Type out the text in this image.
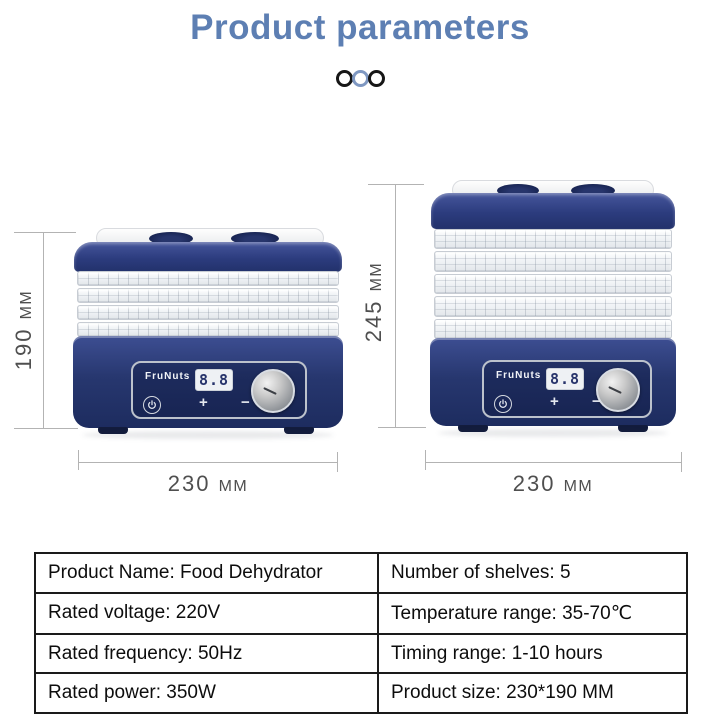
Product parameters
190 MM
FruNuts 8.8
+ −
230 MM
245 MM
FruNuts 8.8
+ −
230 MM
Product Name: Food Dehydrator	Number of shelves: 5
Rated voltage: 220V	Temperature range: 35-70℃
Rated frequency: 50Hz	Timing range: 1-10 hours
Rated power: 350W	Product size: 230*190 MM
